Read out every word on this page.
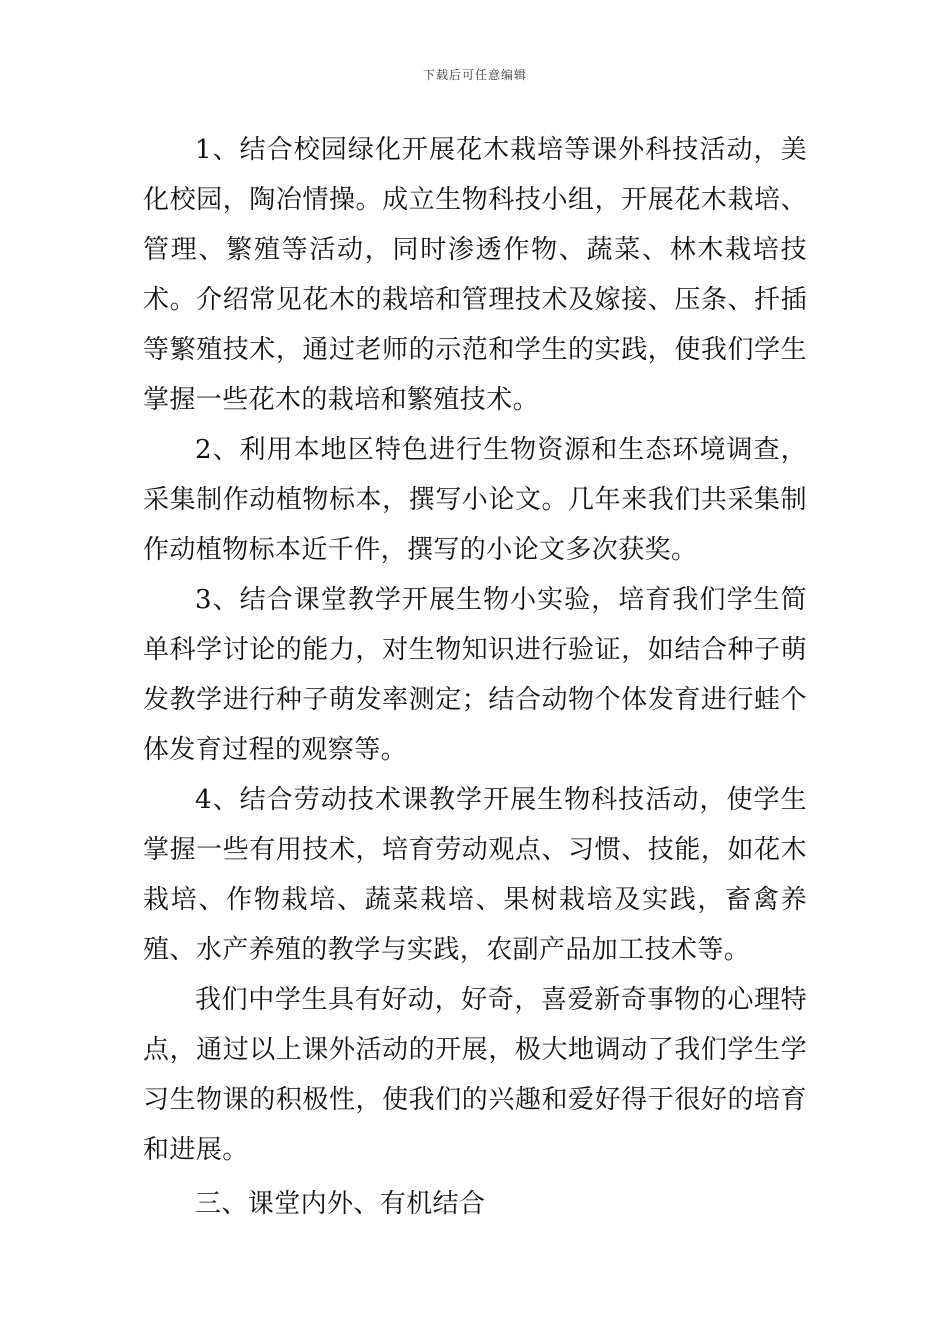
下载后可任意编辑

1、结合校园绿化开展花木栽培等课外科技活动，美化校园，陶冶情操。成立生物科技小组，开展花木栽培、管理、繁殖等活动，同时渗透作物、蔬菜、林木栽培技术。介绍常见花木的栽培和管理技术及嫁接、压条、扦插等繁殖技术，通过老师的示范和学生的实践，使我们学生掌握一些花木的栽培和繁殖技术。

2、利用本地区特色进行生物资源和生态环境调查，采集制作动植物标本，撰写小论文。几年来我们共采集制作动植物标本近千件，撰写的小论文多次获奖。

3、结合课堂教学开展生物小实验，培育我们学生简单科学讨论的能力，对生物知识进行验证，如结合种子萌发教学进行种子萌发率测定；结合动物个体发育进行蛙个体发育过程的观察等。

4、结合劳动技术课教学开展生物科技活动，使学生掌握一些有用技术，培育劳动观点、习惯、技能，如花木栽培、作物栽培、蔬菜栽培、果树栽培及实践，畜禽养殖、水产养殖的教学与实践，农副产品加工技术等。

我们中学生具有好动，好奇，喜爱新奇事物的心理特点，通过以上课外活动的开展，极大地调动了我们学生学习生物课的积极性，使我们的兴趣和爱好得于很好的培育和进展。

三、课堂内外、有机结合
